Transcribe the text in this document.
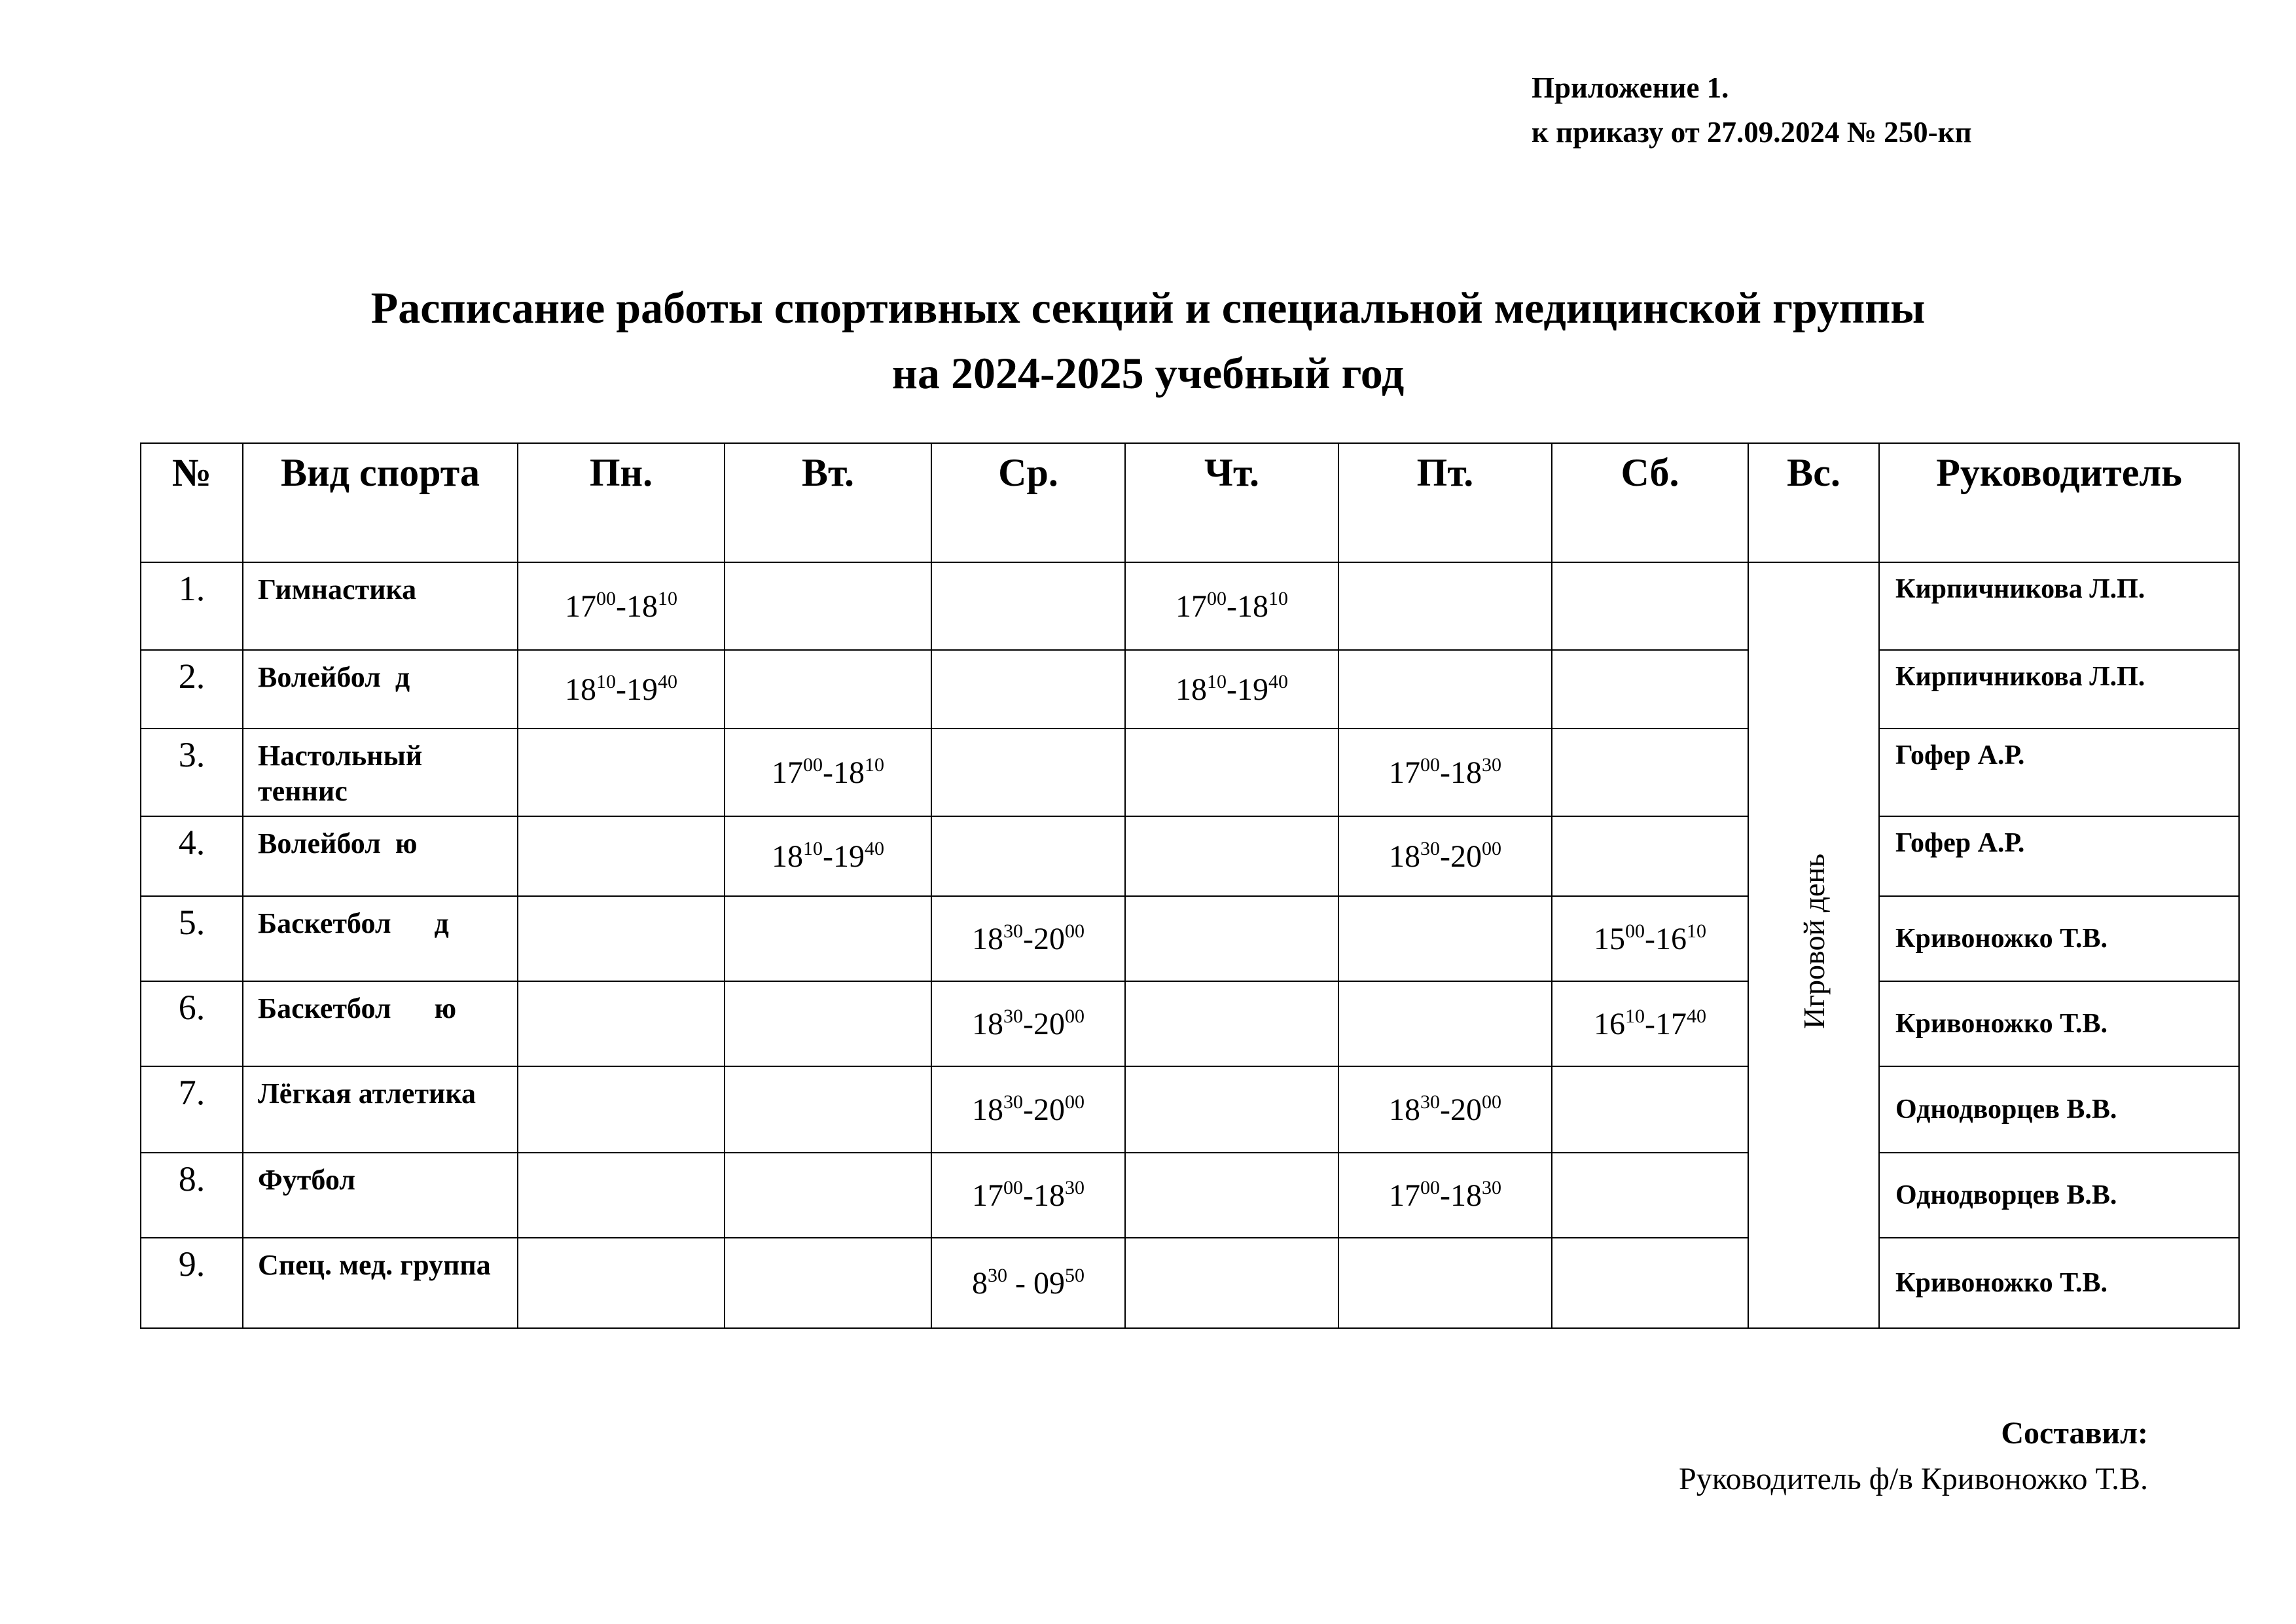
Приложение 1.
к приказу от 27.09.2024 № 250-кп
Расписание работы спортивных секций и специальной медицинской группы
на 2024-2025 учебный год
№	Вид спорта	Пн.	Вт.	Ср.	Чт.	Пт.	Сб.	Вс.	Руководитель
1.	Гимнастика	$17^{00}-18^{10}$			$17^{00}-18^{10}$			Игровой день	Кирпичникова Л.П.
2.	Волейбол  д	$18^{10}-19^{40}$			$18^{10}-19^{40}$				Кирпичникова Л.П.
3.	Настольный теннис		$17^{00}-18^{10}$			$17^{00}-18^{30}$			Гофер А.Р.
4.	Волейбол  ю		$18^{10}-19^{40}$			$18^{30}-20^{00}$			Гофер А.Р.
5.	Баскетбол      д			$18^{30}-20^{00}$			$15^{00}-16^{10}$		Кривоножко Т.В.
6.	Баскетбол      ю			$18^{30}-20^{00}$			$16^{10}-17^{40}$		Кривоножко Т.В.
7.	Лёгкая атлетика			$18^{30}-20^{00}$		$18^{30}-20^{00}$			Однодворцев В.В.
8.	Футбол			$17^{00}-18^{30}$		$17^{00}-18^{30}$			Однодворцев В.В.
9.	Спец. мед. группа			$8^{30} - 09^{50}$					Кривоножко Т.В.
Составил:
Руководитель ф/в Кривоножко Т.В.
